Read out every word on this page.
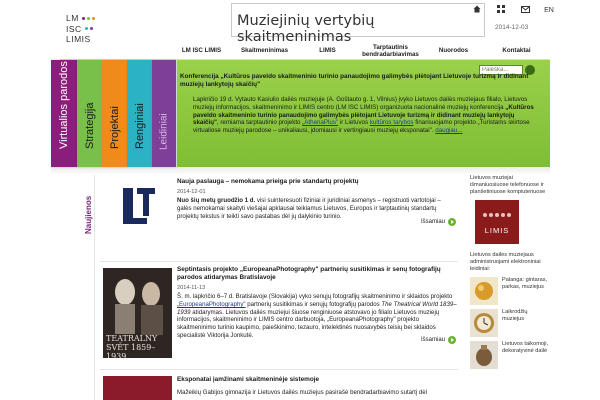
LM
ISC
LIMIS
Muziejinių vertybių skaitmeninimas
EN
2014-12-03
LM ISC LIMIS	Skaitmeninimas	LIMIS	Tarptautinis bendradarbiavimas	Nuorodos	Kontaktai
Virtualios parodos Strategija Projektai Renginiai Leidiniai
Paieška...
Konferencija „Kultūros paveldo skaitmeninio turinio panaudojimo galimybės plėtojant Lietuvoje turizmą ir didinant muziejų lankytojų skaičių"
Lapkričio 19 d. Vytauto Kasiulio dailės muziejuje (A. Goštauto g. 1, Vilnius) įvyko Lietuvos dailės muziejaus filialo, Lietuvos muziejų informacijos, skaitmeninimo ir LIMIS centro (LM ISC LIMIS) organizuota nacionalinė muziejų konferencija „Kultūros paveldo skaitmeninio turinio panaudojimo galimybės plėtojant Lietuvoje turizmą ir didinant muziejų lankytojų skaičių", remiama tarptautinio projekto „AthenaPlus" ir Lietuvos kultūros tarybos finansuojamo projekto „Turistams skirtose virtualiose muziejų parodose – unikaliausi, įdomiausi ir vertingiausi muziejų eksponatai". daugiau...
Naujienos
Nauja paslauga – nemokama prieiga prie standartų projektų
2014-12-01
Nuo šių metų gruodžio 1 d. visi suinteresuoti fiziniai ir juridiniai asmenys – registruoti vartotojai – galės nemokamai skaityti viešajai apklausai teikiamus Lietuvos, Europos ir tarptautinių standartų projektų tekstus ir teikti savo pastabas dėl jų dalykinio turinio.
Išsamiau
TEATRALNY SVĚT 1859–1939
Septintasis projekto „EuropeanaPhotography" partnerių susitikimas ir senų fotografijų parodos atidarymas Bratislavoje
2014-11-13
Š. m. lapkričio 6–7 d. Bratislavoje (Slovakija) vyko senųjų fotografijų skaitmeninimo ir sklaidos projekto „EuropeanaPhotography" partnerių susitikimas ir senųjų fotografijų parodos The Theatrical World 1839–1939 atidarymas. Lietuvos dailės muziejui šiuose renginiuose atstovavo jo filialo Lietuvos muziejų informacijos, skaitmeninimo ir LIMIS centro darbuotoja, „EuropeanaPhotography" projekto skaitmeninimo turinio kaupimo, paieškinimo, tezauro, intelektinės nuosavybės teisių bei sklaidos specialistė Viktorija Jonkutė.
Išsamiau
Eksponatai įamžinami skaitmeninėje sistemoje
Mažeikių Gabijos gimnazija ir Lietuvos dailės muziejus pasirašė bendradarbiavimo sutartį dėl
Lietuvos muziejai išmaniuosiuose telefonuose ir planšetiniuose kompiuteriuose
LIMIS
Lietuvos dailės muziejaus administruojami elektroniniai leidiniai:
Palanga: gintaras, parkas, muziejus
Laikrodžių muziejus
Lietuvos taikomoji, dekoratyvinė dailė
